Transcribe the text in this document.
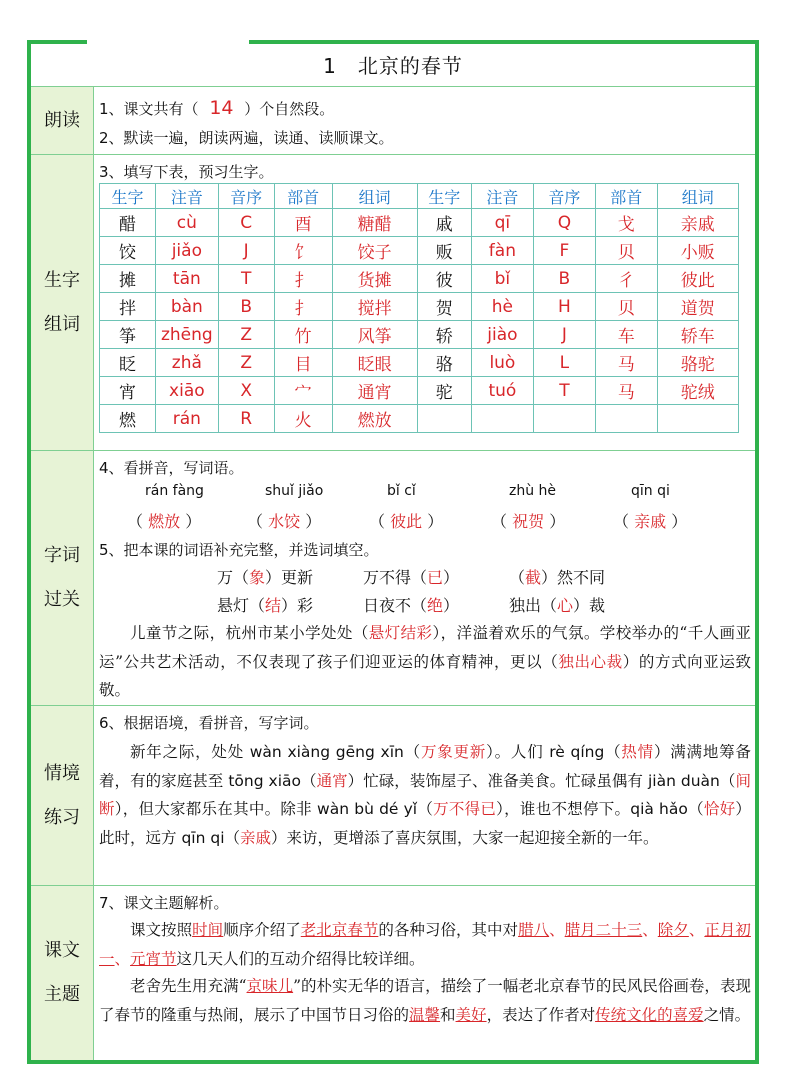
1　北京的春节
朗读
1、课文共有（ 14 ）个自然段。
2、默读一遍，朗读两遍，读通、读顺课文。
生字组词
3、填写下表，预习生字。
生字	注音	音序	部首	组词	生字	注音	音序	部首	组词
醋	cù	C	酉	糖醋	戚	qī	Q	戈	亲戚
饺	jiǎo	J	饣	饺子	贩	fàn	F	贝	小贩
摊	tān	T	扌	货摊	彼	bǐ	B	彳	彼此
拌	bàn	B	扌	搅拌	贺	hè	H	贝	道贺
筝	zhēng	Z	竹	风筝	轿	jiào	J	车	轿车
眨	zhǎ	Z	目	眨眼	骆	luò	L	马	骆驼
宵	xiāo	X	宀	通宵	驼	tuó	T	马	驼绒
燃	rán	R	火	燃放					
字词过关
4、看拼音，写词语。
rán fàng
（ 燃放 ）
shuǐ jiǎo
（ 水饺 ）
bǐ cǐ
（ 彼此 ）
zhù hè
（ 祝贺 ）
qīn qi
（ 亲戚 ）
5、把本课的词语补充完整，并选词填空。
万（象）更新	万不得（已）	（截）然不同
悬灯（结）彩	日夜不（绝）	独出（心）裁
儿童节之际，杭州市某小学处处（悬灯结彩），洋溢着欢乐的气氛。学校举办的“千人画亚运”公共艺术活动，不仅表现了孩子们迎亚运的体育精神，更以（独出心裁）的方式向亚运致敬。
情境练习
6、根据语境，看拼音，写字词。
新年之际，处处 wàn xiàng gēng xīn（万象更新）。人们 rè qíng（热情）满满地筹备着，有的家庭甚至 tōng xiāo（通宵）忙碌，装饰屋子、准备美食。忙碌虽偶有 jiàn duàn（间断），但大家都乐在其中。除非 wàn bù dé yǐ（万不得已），谁也不想停下。qià hǎo（恰好）此时，远方 qīn qi（亲戚）来访，更增添了喜庆氛围，大家一起迎接全新的一年。
课文主题
7、课文主题解析。
课文按照时间顺序介绍了老北京春节的各种习俗，其中对腊八、腊月二十三、除夕、正月初一、元宵节这几天人们的互动介绍得比较详细。
老舍先生用充满“京味儿”的朴实无华的语言，描绘了一幅老北京春节的民风民俗画卷，表现了春节的隆重与热闹，展示了中国节日习俗的温馨和美好，表达了作者对传统文化的喜爱之情。
